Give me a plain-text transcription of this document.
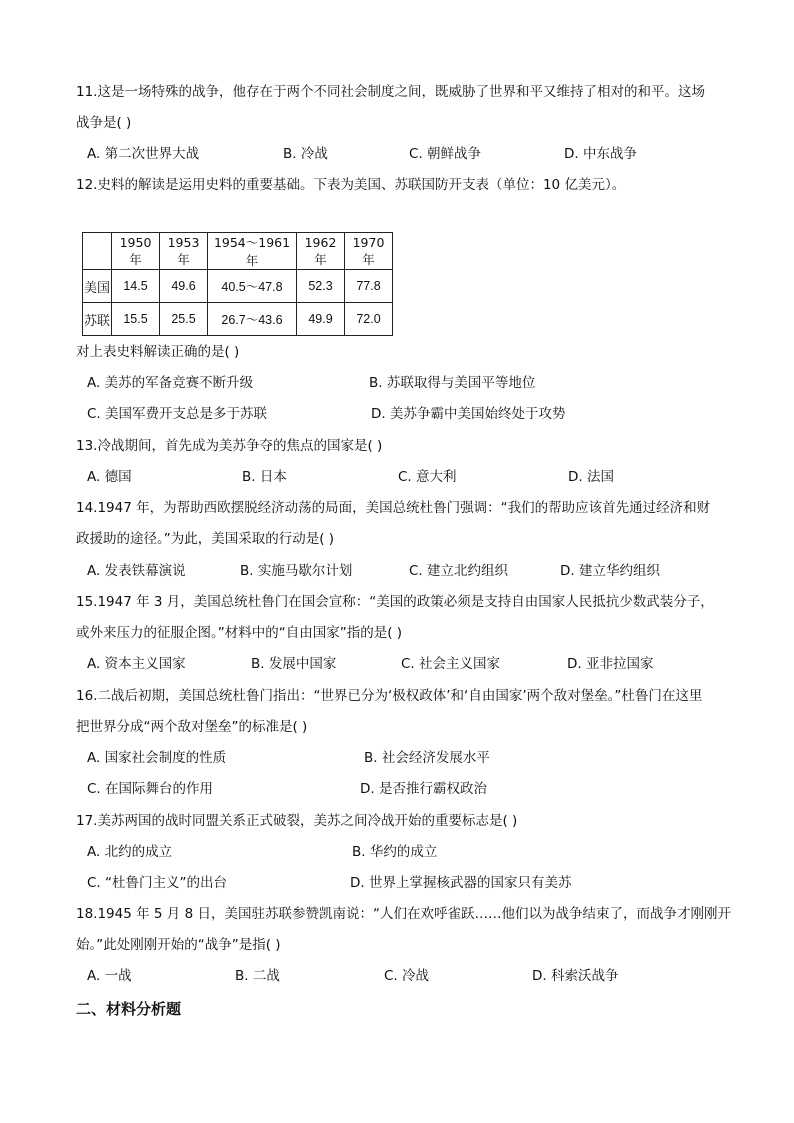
11.这是一场特殊的战争，他存在于两个不同社会制度之间，既威胁了世界和平又维持了相对的和平。这场
战争是( )
A. 第二次世界大战	B. 冷战	C. 朝鲜战争	D. 中东战争
12.史料的解读是运用史料的重要基础。下表为美国、苏联国防开支表（单位：10 亿美元）。
	1950 年	1953 年	1954～1961 年	1962 年	1970 年
美国	14.5	49.6	40.5～47.8	52.3	77.8
苏联	15.5	25.5	26.7～43.6	49.9	72.0
对上表史料解读正确的是( )
A. 美苏的军备竞赛不断升级	B. 苏联取得与美国平等地位
C. 美国军费开支总是多于苏联	D. 美苏争霸中美国始终处于攻势
13.冷战期间，首先成为美苏争夺的焦点的国家是( )
A. 德国	B. 日本	C. 意大利	D. 法国
14.1947 年，为帮助西欧摆脱经济动荡的局面，美国总统杜鲁门强调：“我们的帮助应该首先通过经济和财
政援助的途径。”为此，美国采取的行动是( )
A. 发表铁幕演说	B. 实施马歇尔计划	C. 建立北约组织	D. 建立华约组织
15.1947 年 3 月，美国总统杜鲁门在国会宣称：“美国的政策必须是支持自由国家人民抵抗少数武装分子，
或外来压力的征服企图。”材料中的“自由国家”指的是( )
A. 资本主义国家	B. 发展中国家	C. 社会主义国家	D. 亚非拉国家
16.二战后初期，美国总统杜鲁门指出：“世界已分为‘极权政体’和‘自由国家’两个敌对堡垒。”杜鲁门在这里
把世界分成“两个敌对堡垒”的标准是( )
A. 国家社会制度的性质	B. 社会经济发展水平
C. 在国际舞台的作用	D. 是否推行霸权政治
17.美苏两国的战时同盟关系正式破裂，美苏之间冷战开始的重要标志是( )
A. 北约的成立	B. 华约的成立
C. “杜鲁门主义”的出台	D. 世界上掌握核武器的国家只有美苏
18.1945 年 5 月 8 日，美国驻苏联参赞凯南说：“人们在欢呼雀跃……他们以为战争结束了，而战争才刚刚开
始。”此处刚刚开始的“战争”是指( )
A. 一战	B. 二战	C. 冷战	D. 科索沃战争
二、材料分析题
